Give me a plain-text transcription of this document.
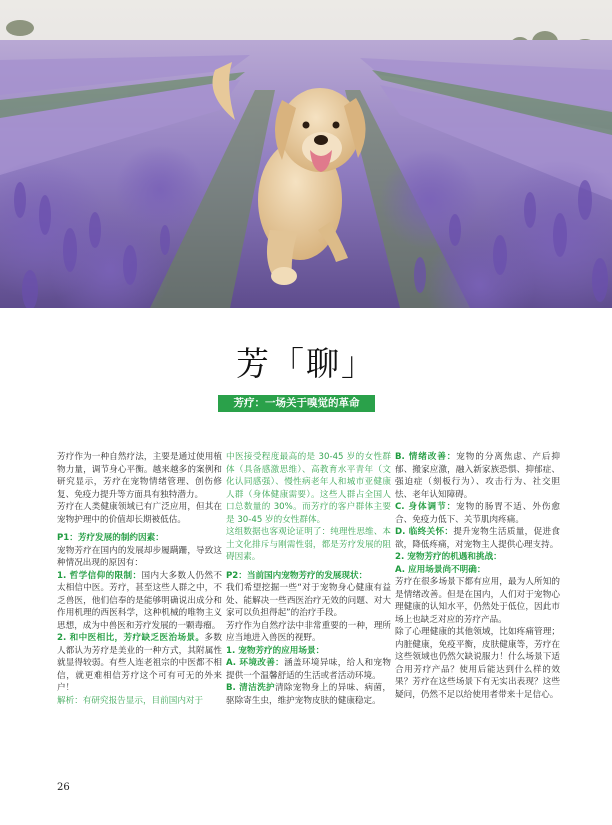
芳「聊」
芳疗：一场关于嗅觉的革命

芳疗作为一种自然疗法，主要是通过使用植物力量，调节身心平衡。越来越多的案例和研究显示，芳疗在宠物情绪管理、创伤修复、免疫力提升等方面具有独特潜力。

芳疗在人类健康领域已有广泛应用，但其在宠物护理中的价值却长期被低估。

P1：芳疗发展的制约因素：

宠物芳疗在国内的发展却步履蹒跚，导致这种情况出现的原因有：

1. 哲学信仰的限制：国内大多数人仍然不太相信中医。芳疗，甚至这些人群之中，不乏兽医，他们信奉的是能够明确说出成分和作用机理的西医科学，这种机械的唯物主义思想，成为中兽医和芳疗发展的一颗毒瘤。

2. 和中医相比，芳疗缺乏医治场景。多数人都认为芳疗是美业的一种方式，其附属性就显得较弱。有些人连老祖宗的中医都不相信，就更难相信芳疗这个可有可无的外来户！

解析：有研究报告显示，目前国内对于

中医接受程度最高的是 30-45 岁的女性群体（具备感激思维）、高教育水平青年（文化认同感强）、慢性病老年人和城市亚健康人群（身体健康需要）。这些人群占全国人口总数量的 30%。而芳疗的客户群体主要是 30-45 岁的女性群体。

这组数据也客观论证明了：纯理性思维、本土文化排斥与刚需性弱，都是芳疗发展的阻碍因素。

P2：当前国内宠物芳疗的发展现状：

我们希望挖掘一些“对于宠物身心健康有益处、能解决一些西医治疗无效的问题、对大家可以负担得起”的治疗手段。

芳疗作为自然疗法中非常重要的一种，理所应当地进入兽医的视野。

1. 宠物芳疗的应用场景：

A. 环境改善：涵盖环境异味，给人和宠物提供一个温馨舒适的生活或者活动环境。

B. 清洁洗护清除宠物身上的异味、病菌，驱除寄生虫，维护宠物皮肤的健康稳定。

B. 情绪改善：宠物的分离焦虑、产后抑郁、搬家应激，融入新家族恐惧、抑郁症、强迫症（刻板行为）、攻击行为、社交胆怯、老年认知障碍。

C. 身体调节：宠物的肠胃不适、外伤愈合、免疫力低下、关节肌肉疼痛。

D. 临终关怀：提升宠物生活质量，促进食欲，降低疼痛，对宠物主人提供心理支持。

2. 宠物芳疗的机遇和挑战：

A. 应用场景尚不明确：

芳疗在很多场景下都有应用，最为人所知的是情绪改善。但是在国内，人们对于宠物心理健康的认知水平，仍然处于低位，因此市场上也缺乏对应的芳疗产品。

除了心理健康的其他领域，比如疼痛管理；内脏健康，免疫平衡，皮肤健康等，芳疗在这些领域也仍然欠缺说服力！什么场景下适合用芳疗产品？使用后能达到什么样的效果？芳疗在这些场景下有无实出表现？这些疑问，仍然不足以给使用者带来十足信心。

26
